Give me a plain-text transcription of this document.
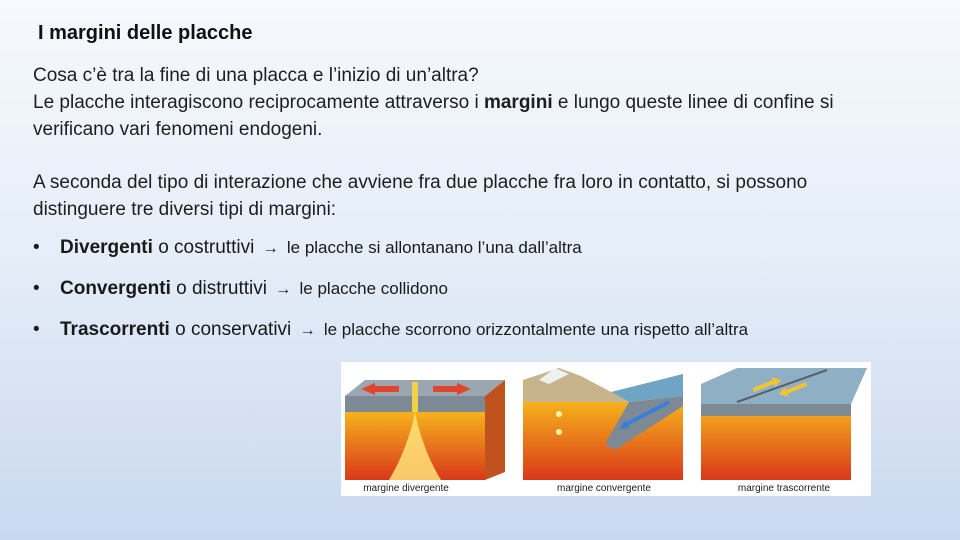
I margini delle placche
Cosa c’è tra la fine di una placca e l’inizio di un’altra?
Le placche interagiscono reciprocamente attraverso i margini e lungo queste linee di confine si verificano vari fenomeni endogeni.
A seconda del tipo di interazione che avviene fra due placche fra loro in contatto, si possono distinguere tre diversi tipi di margini:
• Divergenti o costruttivi → le placche si allontanano l’una dall’altra
• Convergenti o distruttivi → le placche collidono
• Trascorrenti o conservativi → le placche scorrono orizzontalmente una rispetto all’altra
margine divergente	margine convergente	margine trascorrente
